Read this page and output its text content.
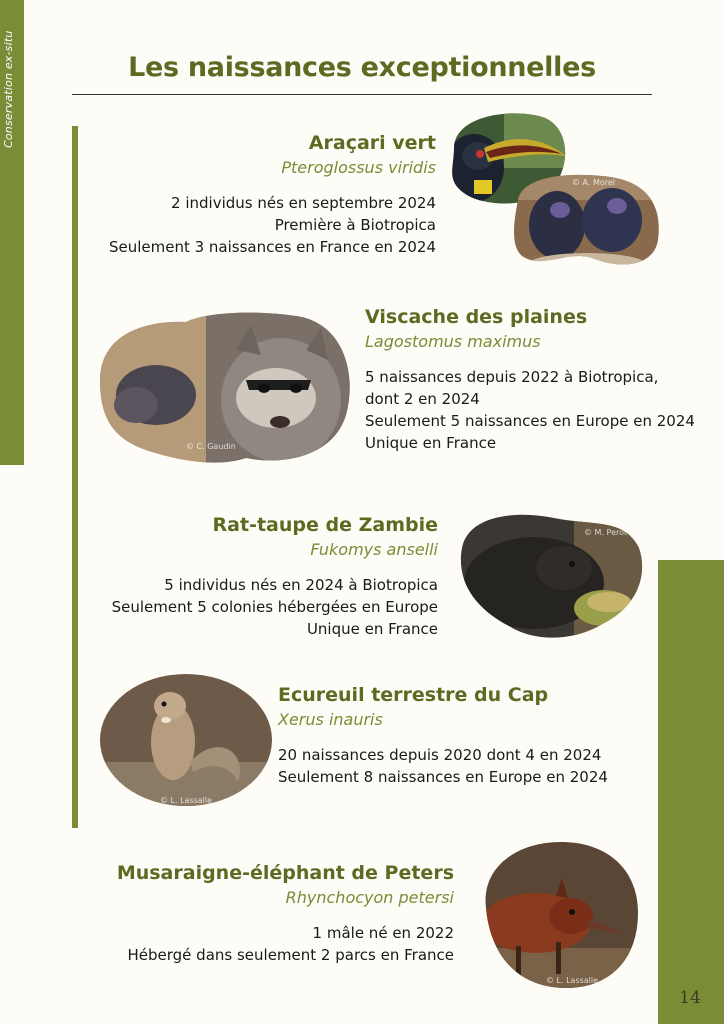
Conservation ex-situ
14
Les naissances exceptionnelles
Araçari vert
Pteroglossus viridis
2 individus nés en septembre 2024
Première à Biotropica
Seulement 3 naissances en France en 2024
© A. Morel
© C. Gaudin
Viscache des plaines
Lagostomus maximus
5 naissances depuis 2022 à Biotropica,
dont 2 en 2024
Seulement 5 naissances en Europe en 2024
Unique en France
Rat-taupe de Zambie
Fukomys anselli
5 individus nés en 2024 à Biotropica
Seulement 5 colonies hébergées en Europe
Unique en France
© M. Perot
© L. Lassalle
Ecureuil terrestre du Cap
Xerus inauris
20 naissances depuis 2020 dont 4 en 2024
Seulement 8 naissances en Europe en 2024
Musaraigne-éléphant de Peters
Rhynchocyon petersi
1 mâle né en 2022
Hébergé dans seulement 2 parcs en France
© L. Lassalle
